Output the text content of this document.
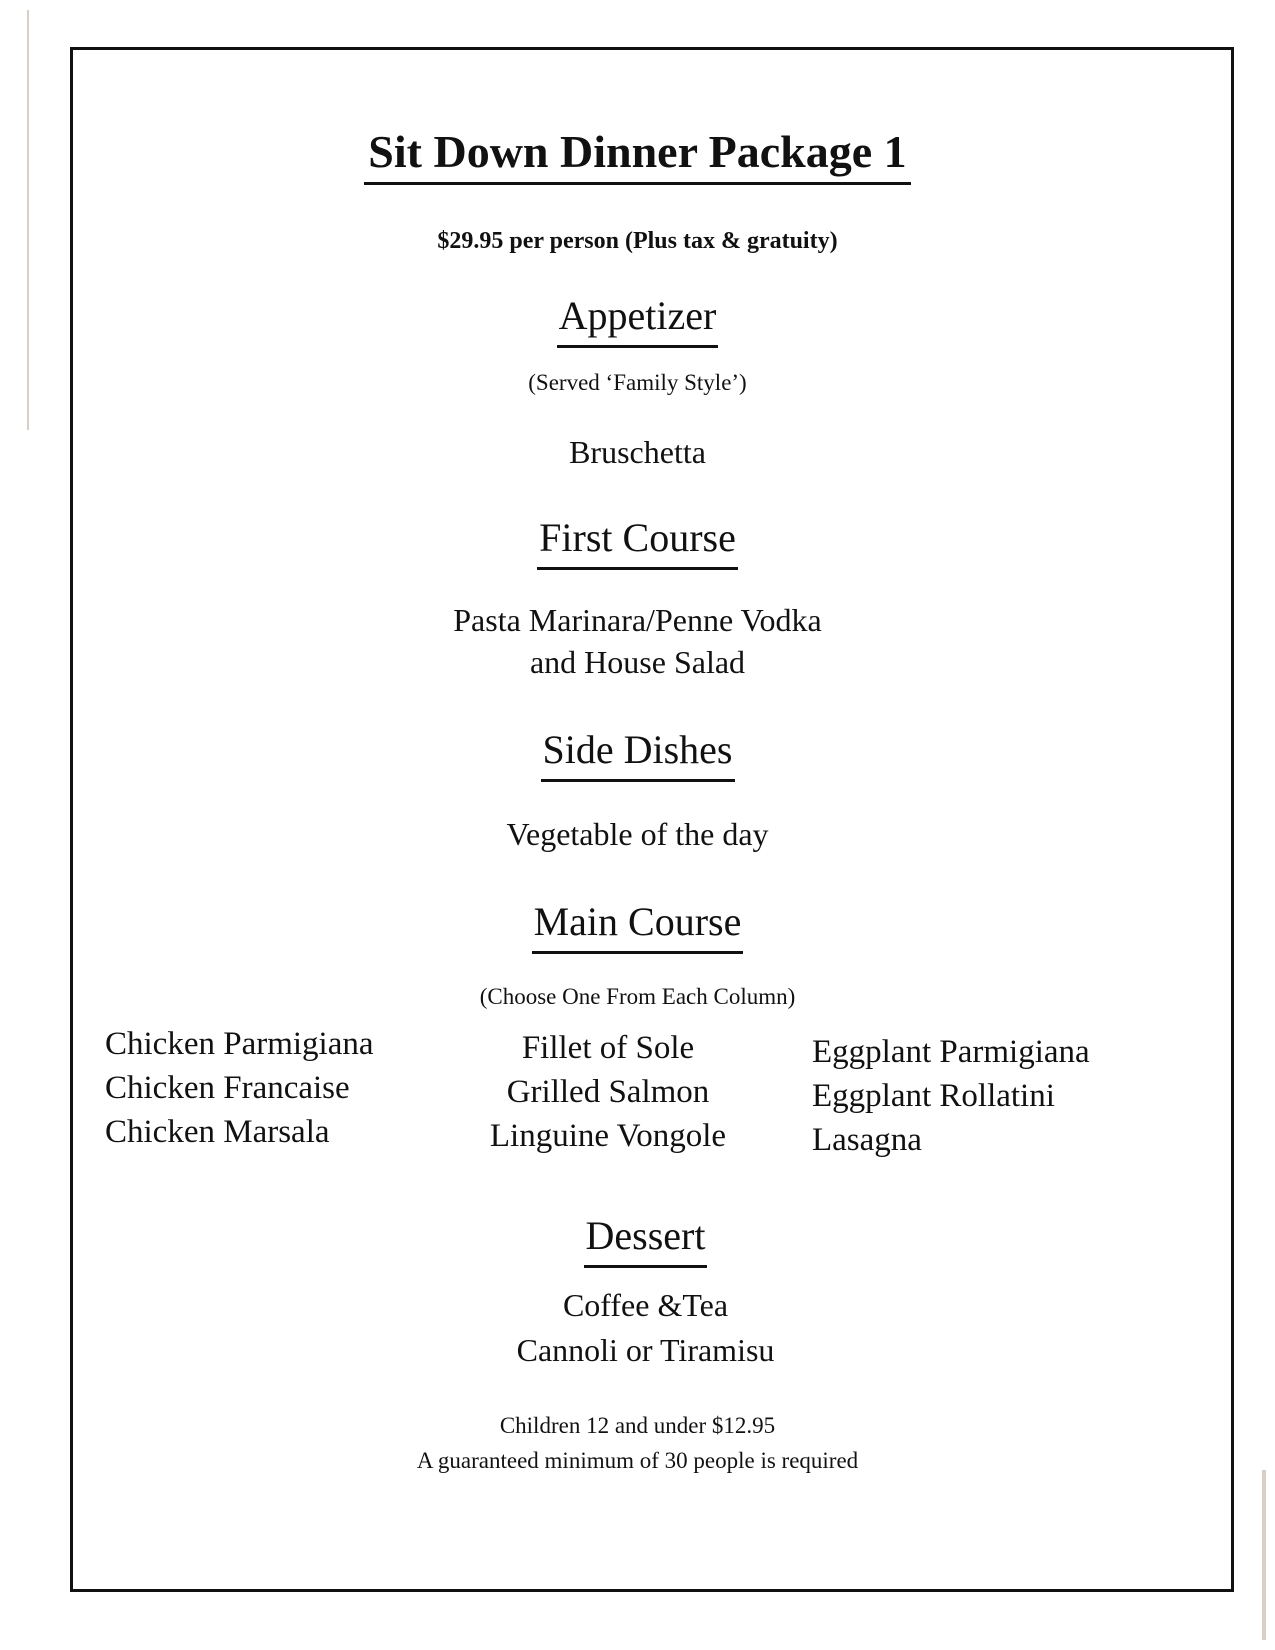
Sit Down Dinner Package 1
$29.95 per person (Plus tax & gratuity)
Appetizer
(Served ‘Family Style’)
Bruschetta
First Course
Pasta Marinara/Penne Vodka
and House Salad
Side Dishes
Vegetable of the day
Main Course
(Choose One From Each Column)
Chicken Parmigiana
Chicken Francaise
Chicken Marsala
Fillet of Sole
Grilled Salmon
Linguine Vongole
Eggplant Parmigiana
Eggplant Rollatini
Lasagna
Dessert
Coffee &Tea
Cannoli or Tiramisu
Children 12 and under $12.95
A guaranteed minimum of 30 people is required
